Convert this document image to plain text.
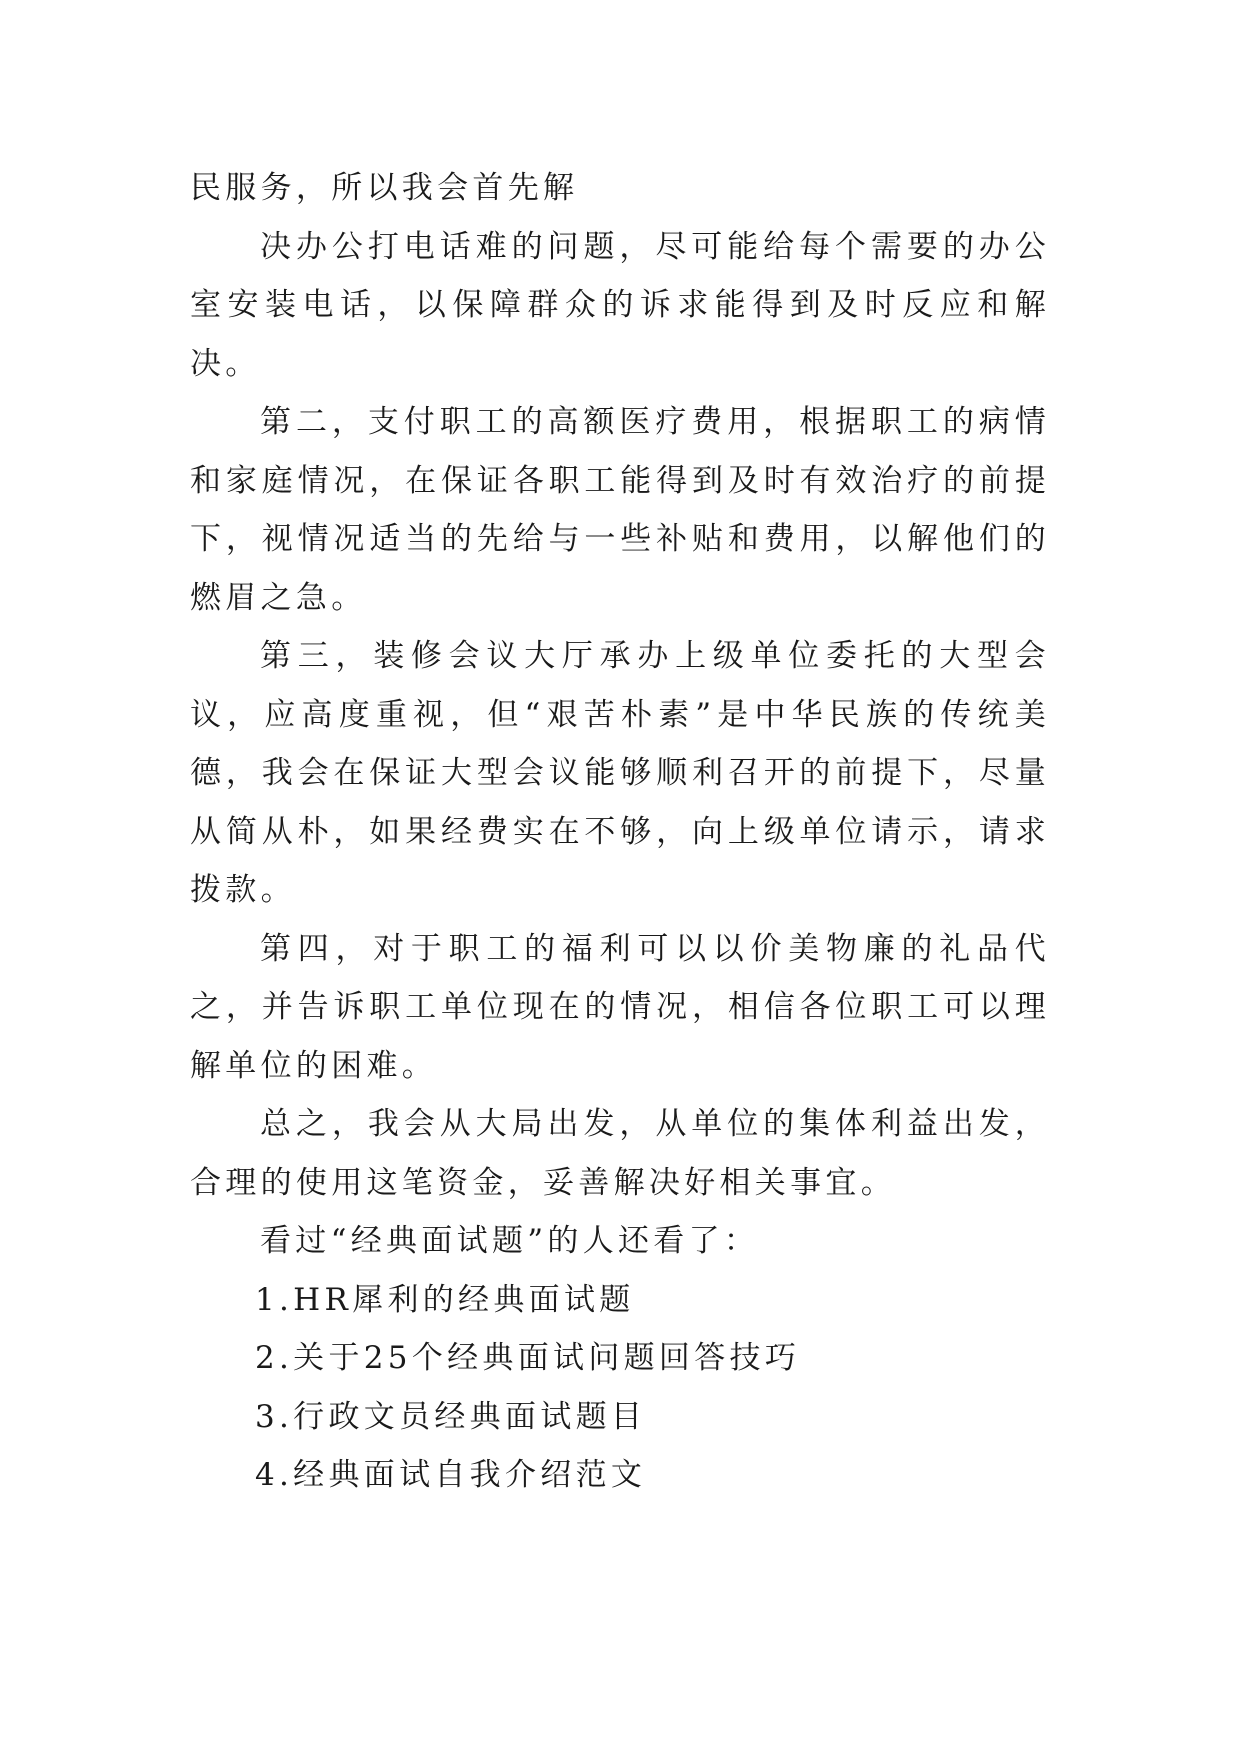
民服务，所以我会首先解

决办公打电话难的问题，尽可能给每个需要的办公室安装电话，以保障群众的诉求能得到及时反应和解决。

第二，支付职工的高额医疗费用，根据职工的病情和家庭情况，在保证各职工能得到及时有效治疗的前提下，视情况适当的先给与一些补贴和费用，以解他们的燃眉之急。

第三，装修会议大厅承办上级单位委托的大型会议，应高度重视，但“艰苦朴素”是中华民族的传统美德，我会在保证大型会议能够顺利召开的前提下，尽量从简从朴，如果经费实在不够，向上级单位请示，请求拨款。

第四，对于职工的福利可以以价美物廉的礼品代之，并告诉职工单位现在的情况，相信各位职工可以理解单位的困难。

总之，我会从大局出发，从单位的集体利益出发，合理的使用这笔资金，妥善解决好相关事宜。

看过“经典面试题”的人还看了：

1.HR犀利的经典面试题

2.关于25个经典面试问题回答技巧

3.行政文员经典面试题目

4.经典面试自我介绍范文
